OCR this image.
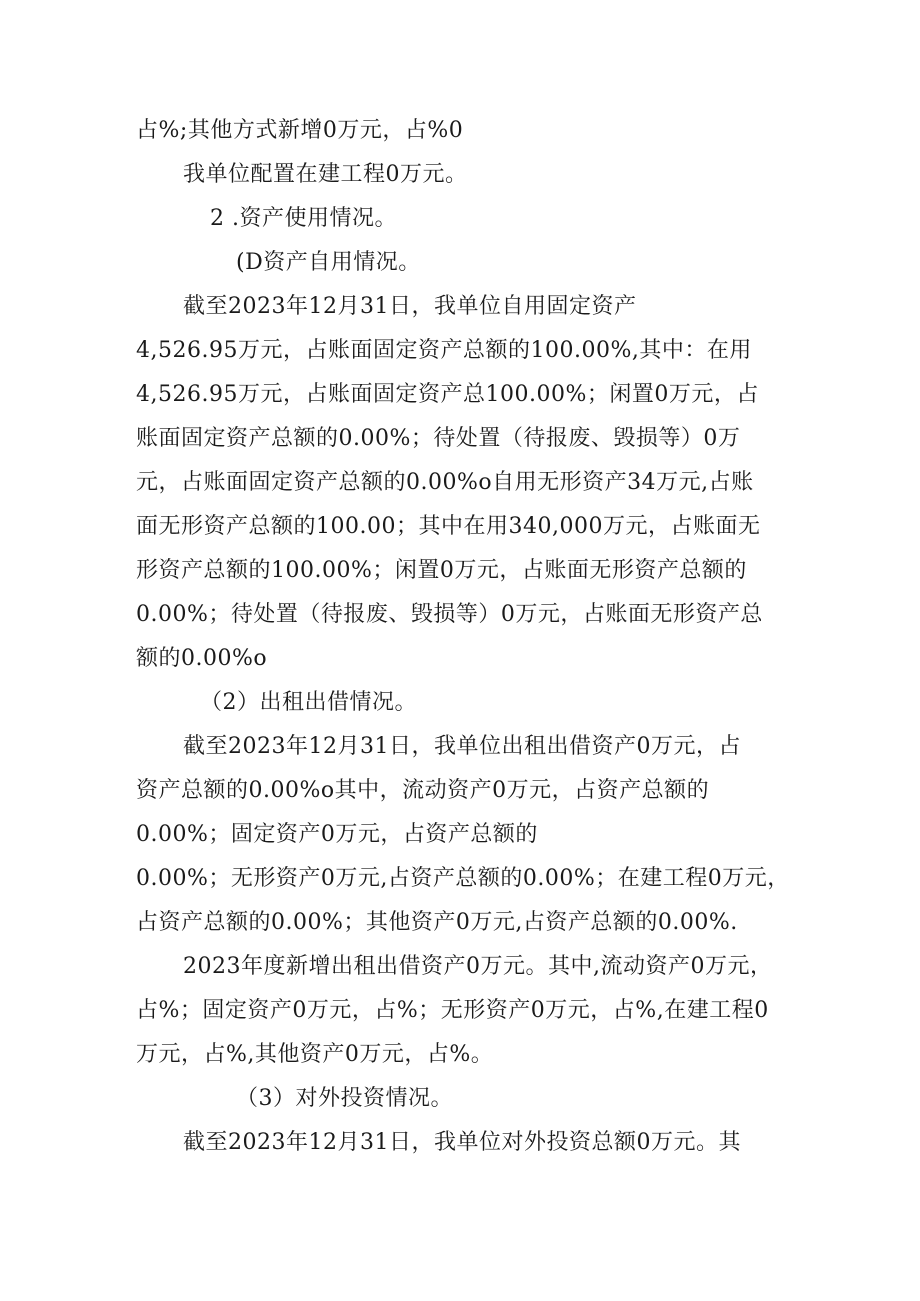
占%;其他方式新增0万元，占%0
我单位配置在建工程0万元。
2 .资产使用情况。
(D资产自用情况。
截至2023年12月31日，我单位自用固定资产
4,526.95万元，占账面固定资产总额的100.00%,其中：在用
4,526.95万元，占账面固定资产总100.00%；闲置0万元，占
账面固定资产总额的0.00%；待处置（待报废、毁损等）0万
元，占账面固定资产总额的0.00%o自用无形资产34万元,占账
面无形资产总额的100.00；其中在用340,000万元，占账面无
形资产总额的100.00%；闲置0万元，占账面无形资产总额的
0.00%；待处置（待报废、毁损等）0万元，占账面无形资产总
额的0.00%o
（2）出租出借情况。
截至2023年12月31日，我单位出租出借资产0万元，占
资产总额的0.00%o其中，流动资产0万元，占资产总额的
0.00%；固定资产0万元，占资产总额的
0.00%；无形资产0万元,占资产总额的0.00%；在建工程0万元，
占资产总额的0.00%；其他资产0万元,占资产总额的0.00%.
2023年度新增出租出借资产0万元。其中,流动资产0万元，
占%；固定资产0万元，占%；无形资产0万元，占%,在建工程0
万元，占%,其他资产0万元，占%。
（3）对外投资情况。
截至2023年12月31日，我单位对外投资总额0万元。其
